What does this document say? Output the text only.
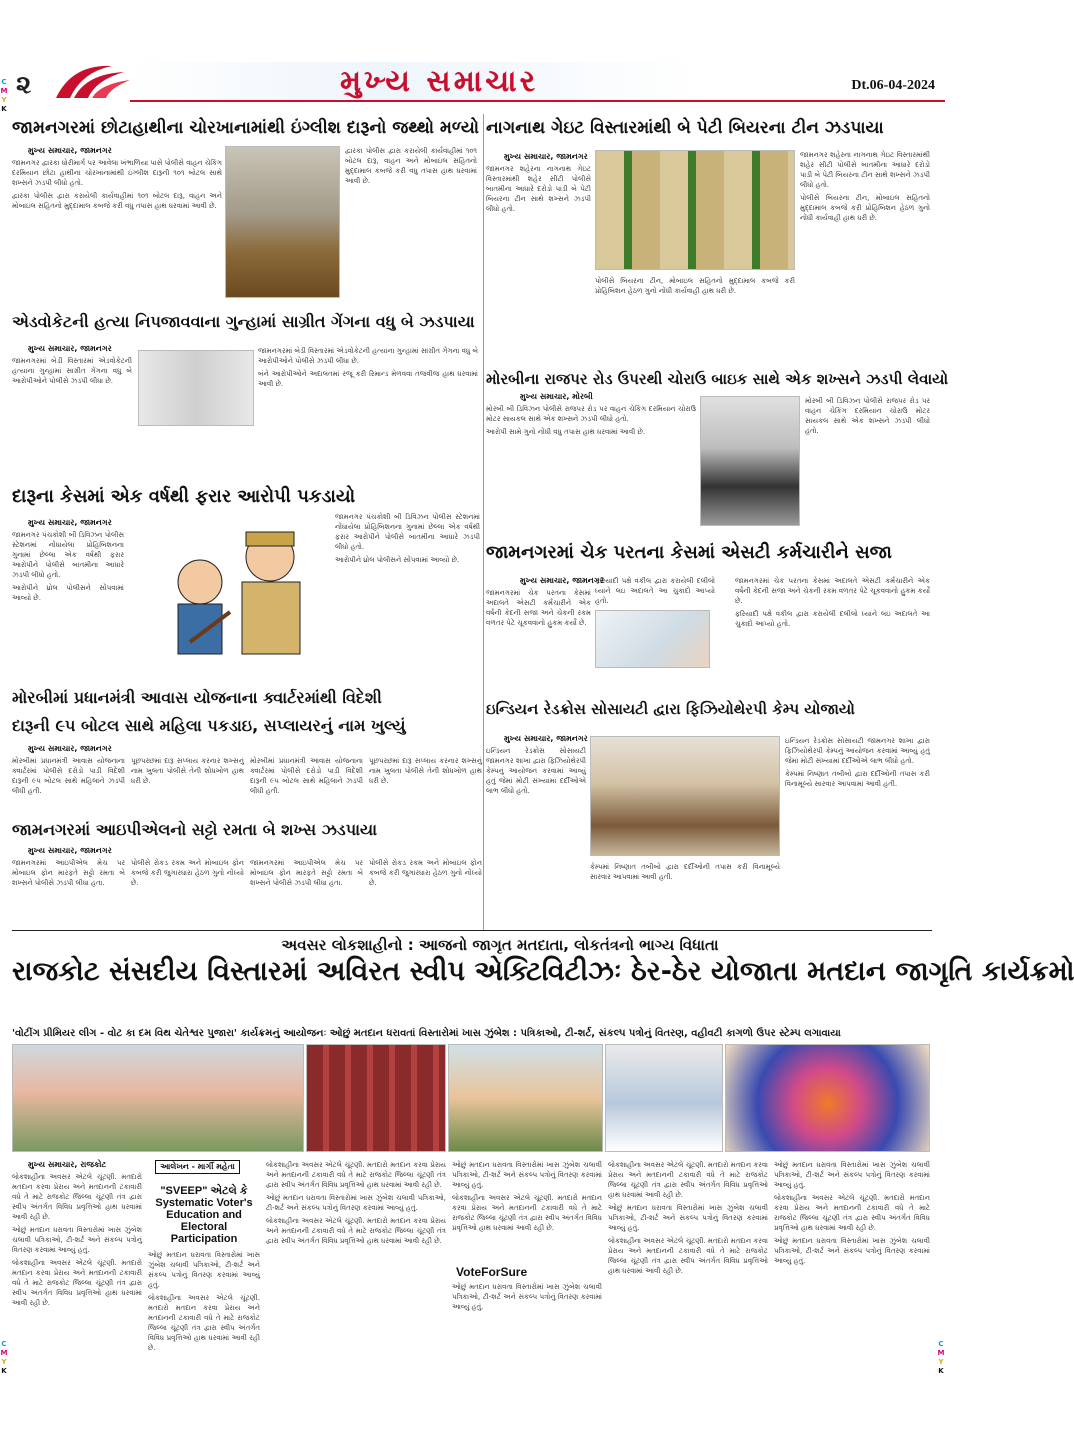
C
M
Y
K
C
M
Y
K
C
M
Y
K
મુખ્ય સમાચાર	Dt.06-04-2024
૨
જામનગરમાં છોટાહાથીના ચોરખાનામાંથી ઇંગ્લીશ દારૂનો જથ્થો મળ્યો
મુખ્ય સમાચાર, જામનગર

જામનગર દ્વારકા ધોરીમાર્ગ પર આવેલા ખંભાળિયા પાસે પોલીસે વાહન ચેકિંગ દરમિયાન છોટા હાથીના ચોરખાનામાંથી ઇંગ્લીશ દારૂની ૧૦૧ બોટલ સાથે શખ્સને ઝડપી લીધો હતો.

દ્વારકા પોલીસ દ્વારા કરાયેલી કાર્યવાહીમાં ૧૦૧ બોટલ દારૂ, વાહન અને મોબાઇલ સહિતનો મુદ્દામાલ કબજે કરી વધુ તપાસ હાથ ધરવામાં આવી છે.

દ્વારકા પોલીસ દ્વારા કરાયેલી કાર્યવાહીમાં ૧૦૧ બોટલ દારૂ, વાહન અને મોબાઇલ સહિતનો મુદ્દામાલ કબજે કરી વધુ તપાસ હાથ ધરવામાં આવી છે.

નાગનાથ ગેઇટ વિસ્તારમાંથી બે પેટી બિયરના ટીન ઝડપાયા
મુખ્ય સમાચાર, જામનગર

જામનગર શહેરના નાગનાથ ગેઇટ વિસ્તારમાંથી શહેર સીટી પોલીસે બાતમીના આધારે દરોડો પાડી બે પેટી બિયરના ટીન સાથે શખ્સને ઝડપી લીધો હતો.

પોલીસે બિયરના ટીન, મોબાઇલ સહિતનો મુદ્દામાલ કબજે કરી પ્રોહિબિશન હેઠળ ગુનો નોંધી કાર્યવાહી હાથ ધરી છે.

જામનગર શહેરના નાગનાથ ગેઇટ વિસ્તારમાંથી શહેર સીટી પોલીસે બાતમીના આધારે દરોડો પાડી બે પેટી બિયરના ટીન સાથે શખ્સને ઝડપી લીધો હતો.

પોલીસે બિયરના ટીન, મોબાઇલ સહિતનો મુદ્દામાલ કબજે કરી પ્રોહિબિશન હેઠળ ગુનો નોંધી કાર્યવાહી હાથ ધરી છે.

એડવોકેટની હત્યા નિપજાવવાના ગુન્હામાં સાગ્રીત ગેંગના વધુ બે ઝડપાયા
મુખ્ય સમાચાર, જામનગર

જામનગરમાં બેડી વિસ્તારમાં એડવોકેટની હત્યાના ગુન્હામાં સાગ્રીત ગેંગના વધુ બે આરોપીઓને પોલીસે ઝડપી લીધા છે.

જામનગરમાં બેડી વિસ્તારમાં એડવોકેટની હત્યાના ગુન્હામાં સાગ્રીત ગેંગના વધુ બે આરોપીઓને પોલીસે ઝડપી લીધા છે.

બંને આરોપીઓને અદાલતમાં રજૂ કરી રિમાન્ડ મેળવવા તજવીજ હાથ ધરવામાં આવી છે.	મોરબીના રાજપર રોડ ઉપરથી ચોરાઉ બાઇક સાથે એક શખ્સને ઝડપી લેવાયો
મુખ્ય સમાચાર, મોરબી

મોરબી બી ડિવિઝન પોલીસે રાજપર રોડ પર વાહન ચેકિંગ દરમિયાન ચોરાઉ મોટર સાયકલ સાથે એક શખ્સને ઝડપી લીધો હતો.

આરોપી સામે ગુનો નોંધી વધુ તપાસ હાથ ધરવામાં આવી છે.

મોરબી બી ડિવિઝન પોલીસે રાજપર રોડ પર વાહન ચેકિંગ દરમિયાન ચોરાઉ મોટર સાયકલ સાથે એક શખ્સને ઝડપી લીધો હતો.

દારૂના કેસમાં એક વર્ષથી ફરાર આરોપી પકડાયો
મુખ્ય સમાચાર, જામનગર

જામનગર પંચકોશી બી ડિવિઝન પોલીસ સ્ટેશનમાં નોંધાયેલા પ્રોહિબિશનના ગુનામાં છેલ્લા એક વર્ષથી ફરાર આરોપીને પોલીસે બાતમીના આધારે ઝડપી લીધો હતો.

આરોપીને ધ્રોલ પોલીસને સોંપવામાં આવ્યો છે.

જામનગર પંચકોશી બી ડિવિઝન પોલીસ સ્ટેશનમાં નોંધાયેલા પ્રોહિબિશનના ગુનામાં છેલ્લા એક વર્ષથી ફરાર આરોપીને પોલીસે બાતમીના આધારે ઝડપી લીધો હતો.

આરોપીને ધ્રોલ પોલીસને સોંપવામાં આવ્યો છે.	જામનગરમાં ચેક પરતના કેસમાં એસટી કર્મચારીને સજા
મુખ્ય સમાચાર, જામનગર

જામનગરમાં ચેક પરતના કેસમાં અદાલતે એસટી કર્મચારીને એક વર્ષની કેદની સજા અને ચેકની રકમ વળતર પેટે ચૂકવવાનો હુકમ કર્યો છે.

ફરિયાદી પક્ષે વકીલ દ્વારા કરાયેલી દલીલો ધ્યાને લઇ અદાલતે આ ચુકાદો આપ્યો હતો.

જામનગરમાં ચેક પરતના કેસમાં અદાલતે એસટી કર્મચારીને એક વર્ષની કેદની સજા અને ચેકની રકમ વળતર પેટે ચૂકવવાનો હુકમ કર્યો છે.

ફરિયાદી પક્ષે વકીલ દ્વારા કરાયેલી દલીલો ધ્યાને લઇ અદાલતે આ ચુકાદો આપ્યો હતો.

મોરબીમાં પ્રધાનમંત્રી આવાસ યોજનાના ક્વાર્ટરમાંથી વિદેશી
દારૂની ૯૫ બોટલ સાથે મહિલા પકડાઇ, સપ્લાયરનું નામ ખુલ્યું
મુખ્ય સમાચાર, જામનગર

મોરબીમાં પ્રધાનમંત્રી આવાસ યોજનાના ક્વાર્ટરમાં પોલીસે દરોડો પાડી વિદેશી દારૂની ૯૫ બોટલ સાથે મહિલાને ઝડપી લીધી હતી.

પૂછપરછમાં દારૂ સપ્લાય કરનાર શખ્સનું નામ ખુલતા પોલીસે તેની શોધખોળ હાથ ધરી છે.

મોરબીમાં પ્રધાનમંત્રી આવાસ યોજનાના ક્વાર્ટરમાં પોલીસે દરોડો પાડી વિદેશી દારૂની ૯૫ બોટલ સાથે મહિલાને ઝડપી લીધી હતી.

પૂછપરછમાં દારૂ સપ્લાય કરનાર શખ્સનું નામ ખુલતા પોલીસે તેની શોધખોળ હાથ ધરી છે.

જામનગરમાં આઇપીએલનો સટ્ટો રમતા બે શખ્સ ઝડપાયા
મુખ્ય સમાચાર, જામનગર

જામનગરમાં આઇપીએલ મેચ પર મોબાઇલ ફોન મારફતે સટ્ટો રમતા બે શખ્સને પોલીસે ઝડપી લીધા હતા.

પોલીસે રોકડ રકમ અને મોબાઇલ ફોન કબજે કરી જુગારધારા હેઠળ ગુનો નોંધ્યો છે.

જામનગરમાં આઇપીએલ મેચ પર મોબાઇલ ફોન મારફતે સટ્ટો રમતા બે શખ્સને પોલીસે ઝડપી લીધા હતા.

પોલીસે રોકડ રકમ અને મોબાઇલ ફોન કબજે કરી જુગારધારા હેઠળ ગુનો નોંધ્યો છે.

ઇન્ડિયન રેડક્રોસ સોસાયટી દ્વારા ફિઝિયોથેરપી કેમ્પ યોજાયો
મુખ્ય સમાચાર, જામનગર

ઇન્ડિયન રેડક્રોસ સોસાયટી જામનગર શાખા દ્વારા ફિઝિયોથેરપી કેમ્પનું આયોજન કરવામાં આવ્યું હતું જેમાં મોટી સંખ્યામાં દર્દીઓએ લાભ લીધો હતો.

કેમ્પમાં નિષ્ણાત તબીબો દ્વારા દર્દીઓની તપાસ કરી વિનામૂલ્યે સારવાર આપવામાં આવી હતી.

ઇન્ડિયન રેડક્રોસ સોસાયટી જામનગર શાખા દ્વારા ફિઝિયોથેરપી કેમ્પનું આયોજન કરવામાં આવ્યું હતું જેમાં મોટી સંખ્યામાં દર્દીઓએ લાભ લીધો હતો.

કેમ્પમાં નિષ્ણાત તબીબો દ્વારા દર્દીઓની તપાસ કરી વિનામૂલ્યે સારવાર આપવામાં આવી હતી.

અવસર લોકશાહીનો : આજનો જાગૃત મતદાતા, લોકતંત્રનો ભાગ્ય વિધાતા
રાજકોટ સંસદીય વિસ્તારમાં અવિરત સ્વીપ એક્ટિવિટીઝઃ ઠેર-ઠેર યોજાતા મતદાન જાગૃતિ કાર્યક્રમો
'વોટીંગ પ્રીમિયર લીગ - વોટ કા દમ વિથ ચેતેશ્વર પુજારા' કાર્યક્રમનું આયોજનઃ ઓછું મતદાન ધરાવતાં વિસ્તારોમાં ખાસ ઝુંબેશ : પત્રિકાઓ, ટી-શર્ટ, સંકલ્પ પત્રોનું વિતરણ, વહીવટી કાગળો ઉપર સ્ટેમ્પ લગાવાયા
મુખ્ય સમાચાર, રાજકોટ	આલેખન - માર્ગી મહેતા
"SVEEP" એટલે કે Systematic Voter's Education and Electoral Participation
VoteForSure

લોકશાહીના અવસર એટલે ચૂંટણી. મતદારો મતદાન કરવા પ્રેરાય અને મતદાનની ટકાવારી વધે તે માટે રાજકોટ જિલ્લા ચૂંટણી તંત્ર દ્વારા સ્વીપ અંતર્ગત વિવિધ પ્રવૃત્તિઓ હાથ ધરવામાં આવી રહી છે.

ઓછું મતદાન ધરાવતા વિસ્તારોમાં ખાસ ઝુંબેશ ચલાવી પત્રિકાઓ, ટી-શર્ટ અને સંકલ્પ પત્રોનું વિતરણ કરવામાં આવ્યું હતું.

લોકશાહીના અવસર એટલે ચૂંટણી. મતદારો મતદાન કરવા પ્રેરાય અને મતદાનની ટકાવારી વધે તે માટે રાજકોટ જિલ્લા ચૂંટણી તંત્ર દ્વારા સ્વીપ અંતર્ગત વિવિધ પ્રવૃત્તિઓ હાથ ધરવામાં આવી રહી છે.

ઓછું મતદાન ધરાવતા વિસ્તારોમાં ખાસ ઝુંબેશ ચલાવી પત્રિકાઓ, ટી-શર્ટ અને સંકલ્પ પત્રોનું વિતરણ કરવામાં આવ્યું હતું.

લોકશાહીના અવસર એટલે ચૂંટણી. મતદારો મતદાન કરવા પ્રેરાય અને મતદાનની ટકાવારી વધે તે માટે રાજકોટ જિલ્લા ચૂંટણી તંત્ર દ્વારા સ્વીપ અંતર્ગત વિવિધ પ્રવૃત્તિઓ હાથ ધરવામાં આવી રહી છે.

લોકશાહીના અવસર એટલે ચૂંટણી. મતદારો મતદાન કરવા પ્રેરાય અને મતદાનની ટકાવારી વધે તે માટે રાજકોટ જિલ્લા ચૂંટણી તંત્ર દ્વારા સ્વીપ અંતર્ગત વિવિધ પ્રવૃત્તિઓ હાથ ધરવામાં આવી રહી છે.

ઓછું મતદાન ધરાવતા વિસ્તારોમાં ખાસ ઝુંબેશ ચલાવી પત્રિકાઓ, ટી-શર્ટ અને સંકલ્પ પત્રોનું વિતરણ કરવામાં આવ્યું હતું.

લોકશાહીના અવસર એટલે ચૂંટણી. મતદારો મતદાન કરવા પ્રેરાય અને મતદાનની ટકાવારી વધે તે માટે રાજકોટ જિલ્લા ચૂંટણી તંત્ર દ્વારા સ્વીપ અંતર્ગત વિવિધ પ્રવૃત્તિઓ હાથ ધરવામાં આવી રહી છે.

ઓછું મતદાન ધરાવતા વિસ્તારોમાં ખાસ ઝુંબેશ ચલાવી પત્રિકાઓ, ટી-શર્ટ અને સંકલ્પ પત્રોનું વિતરણ કરવામાં આવ્યું હતું.

લોકશાહીના અવસર એટલે ચૂંટણી. મતદારો મતદાન કરવા પ્રેરાય અને મતદાનની ટકાવારી વધે તે માટે રાજકોટ જિલ્લા ચૂંટણી તંત્ર દ્વારા સ્વીપ અંતર્ગત વિવિધ પ્રવૃત્તિઓ હાથ ધરવામાં આવી રહી છે.

ઓછું મતદાન ધરાવતા વિસ્તારોમાં ખાસ ઝુંબેશ ચલાવી પત્રિકાઓ, ટી-શર્ટ અને સંકલ્પ પત્રોનું વિતરણ કરવામાં આવ્યું હતું.

લોકશાહીના અવસર એટલે ચૂંટણી. મતદારો મતદાન કરવા પ્રેરાય અને મતદાનની ટકાવારી વધે તે માટે રાજકોટ જિલ્લા ચૂંટણી તંત્ર દ્વારા સ્વીપ અંતર્ગત વિવિધ પ્રવૃત્તિઓ હાથ ધરવામાં આવી રહી છે.

ઓછું મતદાન ધરાવતા વિસ્તારોમાં ખાસ ઝુંબેશ ચલાવી પત્રિકાઓ, ટી-શર્ટ અને સંકલ્પ પત્રોનું વિતરણ કરવામાં આવ્યું હતું.

લોકશાહીના અવસર એટલે ચૂંટણી. મતદારો મતદાન કરવા પ્રેરાય અને મતદાનની ટકાવારી વધે તે માટે રાજકોટ જિલ્લા ચૂંટણી તંત્ર દ્વારા સ્વીપ અંતર્ગત વિવિધ પ્રવૃત્તિઓ હાથ ધરવામાં આવી રહી છે.

ઓછું મતદાન ધરાવતા વિસ્તારોમાં ખાસ ઝુંબેશ ચલાવી પત્રિકાઓ, ટી-શર્ટ અને સંકલ્પ પત્રોનું વિતરણ કરવામાં આવ્યું હતું.

લોકશાહીના અવસર એટલે ચૂંટણી. મતદારો મતદાન કરવા પ્રેરાય અને મતદાનની ટકાવારી વધે તે માટે રાજકોટ જિલ્લા ચૂંટણી તંત્ર દ્વારા સ્વીપ અંતર્ગત વિવિધ પ્રવૃત્તિઓ હાથ ધરવામાં આવી રહી છે.

ઓછું મતદાન ધરાવતા વિસ્તારોમાં ખાસ ઝુંબેશ ચલાવી પત્રિકાઓ, ટી-શર્ટ અને સંકલ્પ પત્રોનું વિતરણ કરવામાં આવ્યું હતું.
